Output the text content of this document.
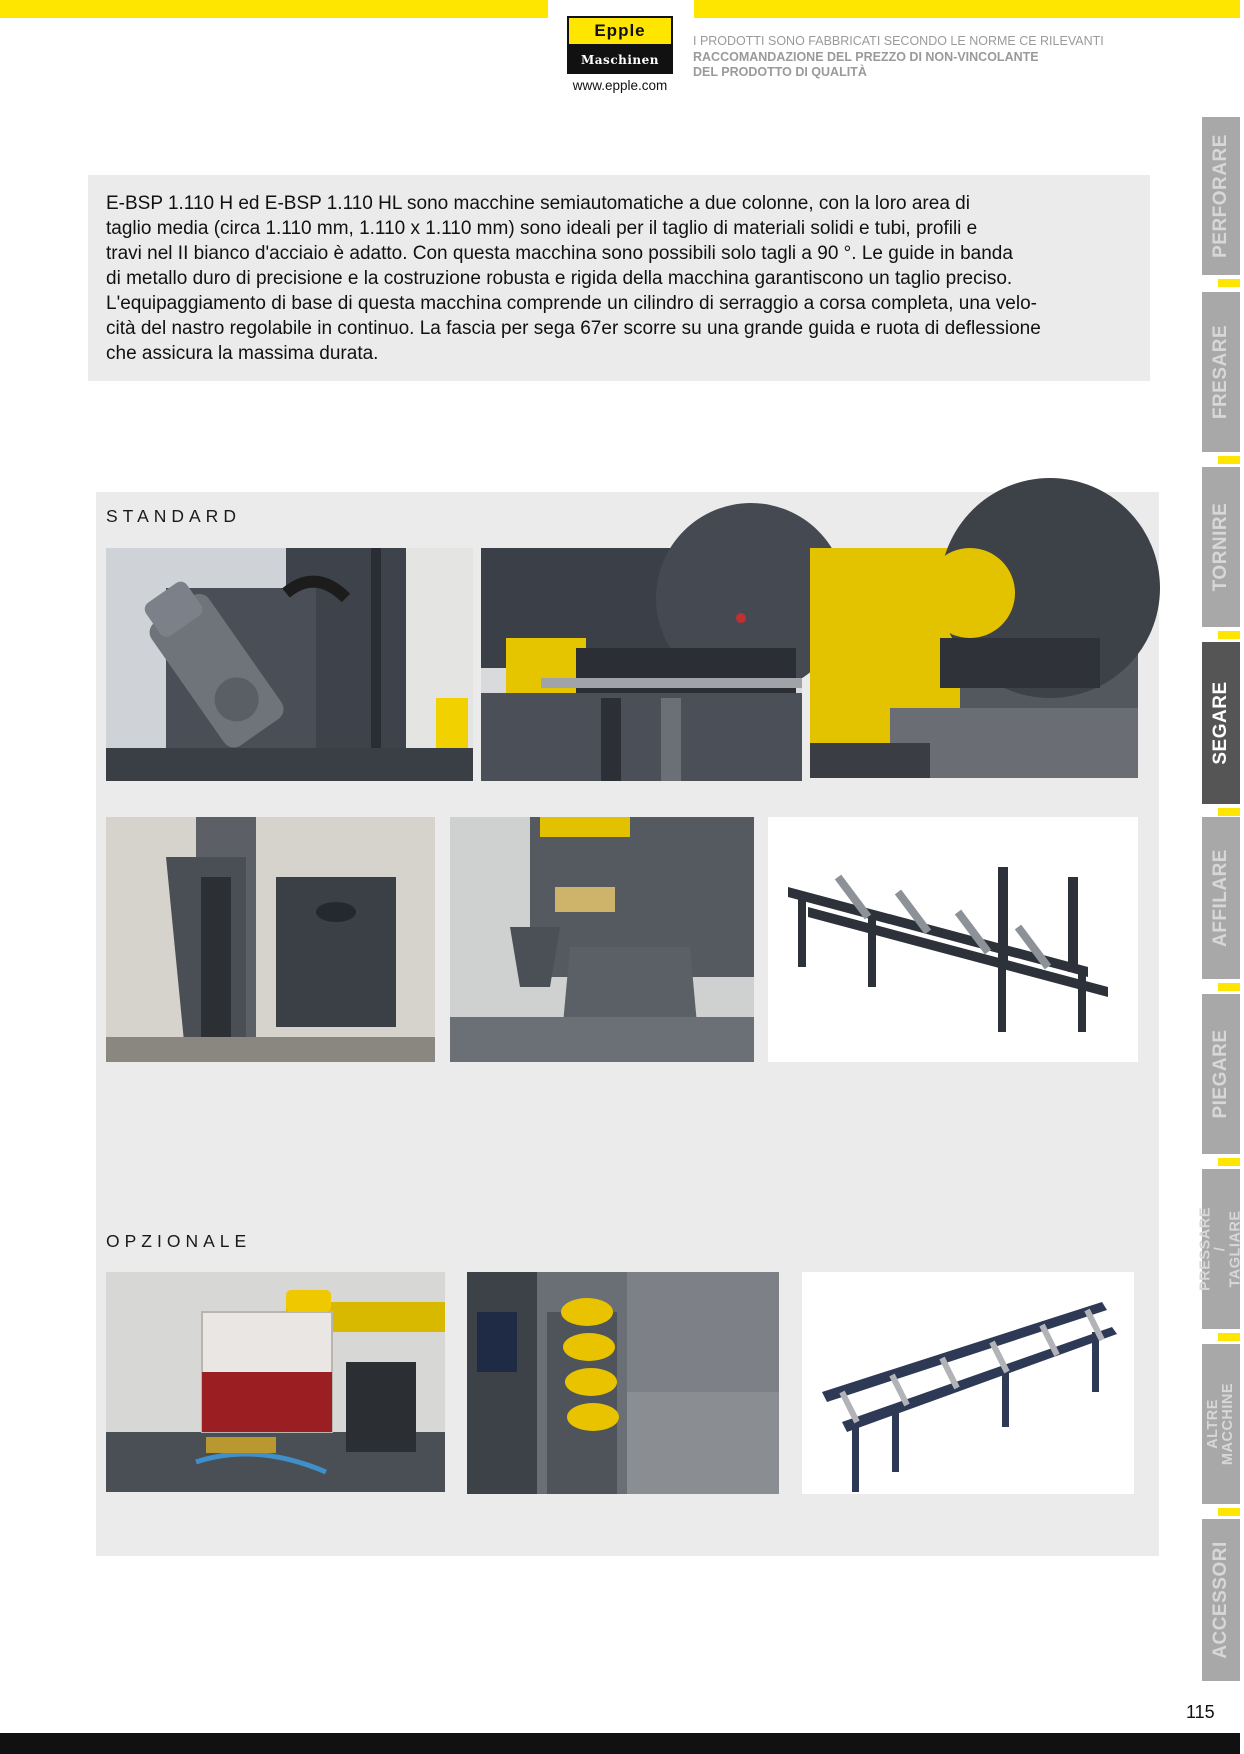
Epple
Maschinen
www.epple.com
I PRODOTTI SONO FABBRICATI SECONDO LE NORME CE RILEVANTI
RACCOMANDAZIONE DEL PREZZO DI NON-VINCOLANTE
DEL PRODOTTO DI QUALITÀ

E-BSP 1.110 H ed E-BSP 1.110 HL sono macchine semiautomatiche a due colonne, con la loro area di
taglio media (circa 1.110 mm, 1.110 x 1.110 mm) sono ideali per il taglio di materiali solidi e tubi, profili e
travi nel II bianco d'acciaio è adatto. Con questa macchina sono possibili solo tagli a 90 °. Le guide in banda
di metallo duro di precisione e la costruzione robusta e rigida della macchina garantiscono un taglio preciso.
L'equipaggiamento di base di questa macchina comprende un cilindro di serraggio a corsa completa, una velo-
cità del nastro regolabile in continuo. La fascia per sega 67er scorre su una grande guida e ruota di deflessione
che assicura la massima durata.

STANDARD
OPZIONALE
PERFORARE
FRESARE
TORNIRE
SEGARE
AFFILARE
PIEGARE
PRESSARE /
TAGLIARE
ALTRE
MACCHINE
ACCESSORI
115
